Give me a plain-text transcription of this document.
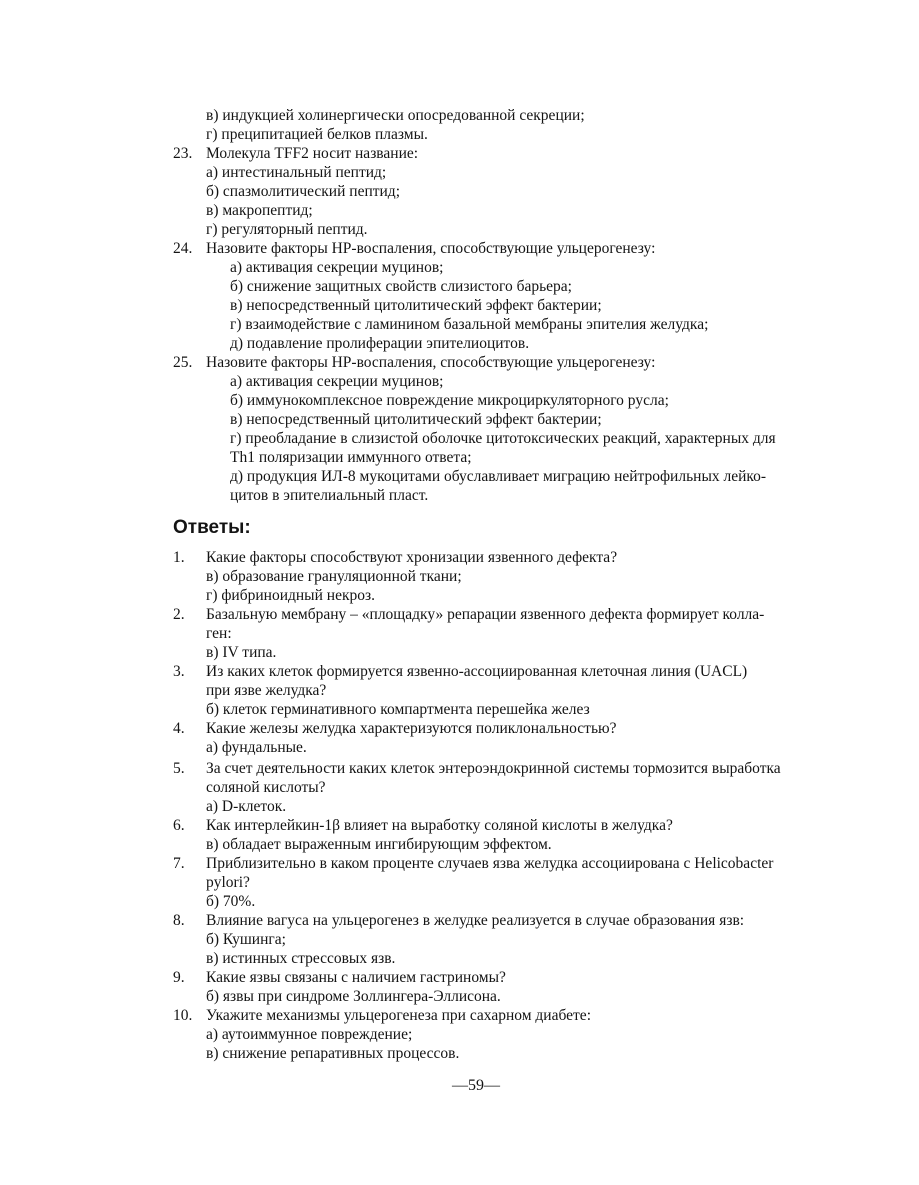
в) индукцией холинергически опосредованной секреции;
г) преципитацией белков плазмы.
23. Молекула TFF2 носит название:
а) интестинальный пептид;
б) спазмолитический пептид;
в) макропептид;
г) регуляторный пептид.
24. Назовите факторы HP-воспаления, способствующие ульцерогенезу:
а) активация секреции муцинов;
б) снижение защитных свойств слизистого барьера;
в) непосредственный цитолитический эффект бактерии;
г) взаимодействие с ламинином базальной мембраны эпителия желудка;
д) подавление пролиферации эпителиоцитов.
25. Назовите факторы HP-воспаления, способствующие ульцерогенезу:
а) активация секреции муцинов;
б) иммунокомплексное повреждение микроциркуляторного русла;
в) непосредственный цитолитический эффект бактерии;
г) преобладание в слизистой оболочке цитотоксических реакций, характерных для
Th1 поляризации иммунного ответа;
д) продукция ИЛ-8 мукоцитами обуславливает миграцию нейтрофильных лейко-
цитов в эпителиальный пласт.
Ответы:
1. Какие факторы способствуют хронизации язвенного дефекта?
в) образование грануляционной ткани;
г) фибриноидный некроз.
2. Базальную мембрану – «площадку» репарации язвенного дефекта формирует колла-
ген:
в) IV типа.
3. Из каких клеток формируется язвенно-ассоциированная клеточная линия (UACL)
при язве желудка?
б) клеток герминативного компартмента перешейка желез
4. Какие железы желудка характеризуются поликлональностью?
а) фундальные.
5. За счет деятельности каких клеток энтероэндокринной системы тормозится выработка
соляной кислоты?
а) D-клеток.
6. Как интерлейкин-1β влияет на выработку соляной кислоты в желудка?
в) обладает выраженным ингибирующим эффектом.
7. Приблизительно в каком проценте случаев язва желудка ассоциирована с Helicobacter
pylori?
б) 70%.
8. Влияние вагуса на ульцерогенез в желудке реализуется в случае образования язв:
б) Кушинга;
в) истинных стрессовых язв.
9. Какие язвы связаны с наличием гастриномы?
б) язвы при синдроме Золлингера-Эллисона.
10. Укажите механизмы ульцерогенеза при сахарном диабете:
а) аутоиммунное повреждение;
в) снижение репаративных процессов.
—59—
